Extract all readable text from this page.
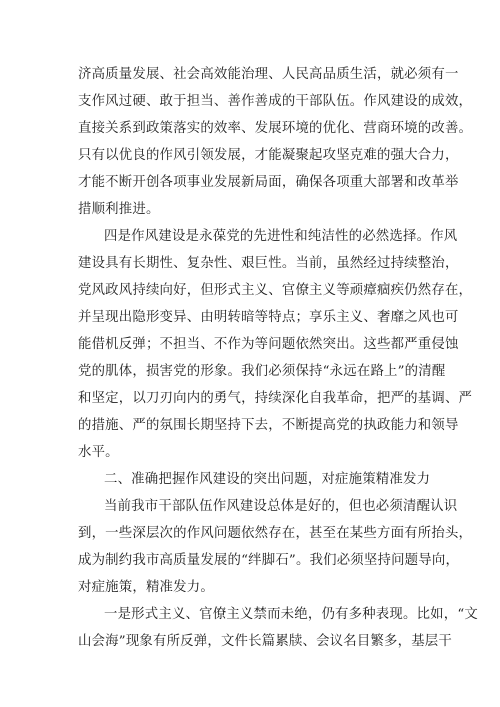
济高质量发展、社会高效能治理、人民高品质生活，就必须有一
支作风过硬、敢于担当、善作善成的干部队伍。作风建设的成效，
直接关系到政策落实的效率、发展环境的优化、营商环境的改善。
只有以优良的作风引领发展，才能凝聚起攻坚克难的强大合力，
才能不断开创各项事业发展新局面，确保各项重大部署和改革举
措顺利推进。
四是作风建设是永葆党的先进性和纯洁性的必然选择。作风
建设具有长期性、复杂性、艰巨性。当前，虽然经过持续整治，
党风政风持续向好，但形式主义、官僚主义等顽瘴痼疾仍然存在，
并呈现出隐形变异、由明转暗等特点；享乐主义、奢靡之风也可
能借机反弹；不担当、不作为等问题依然突出。这些都严重侵蚀
党的肌体，损害党的形象。我们必须保持“永远在路上”的清醒
和坚定，以刀刃向内的勇气，持续深化自我革命，把严的基调、严
的措施、严的氛围长期坚持下去，不断提高党的执政能力和领导
水平。
二、准确把握作风建设的突出问题，对症施策精准发力
当前我市干部队伍作风建设总体是好的，但也必须清醒认识
到，一些深层次的作风问题依然存在，甚至在某些方面有所抬头，
成为制约我市高质量发展的“绊脚石”。我们必须坚持问题导向，
对症施策，精准发力。
一是形式主义、官僚主义禁而未绝，仍有多种表现。比如，“文
山会海”现象有所反弹，文件长篇累牍、会议名目繁多，基层干
